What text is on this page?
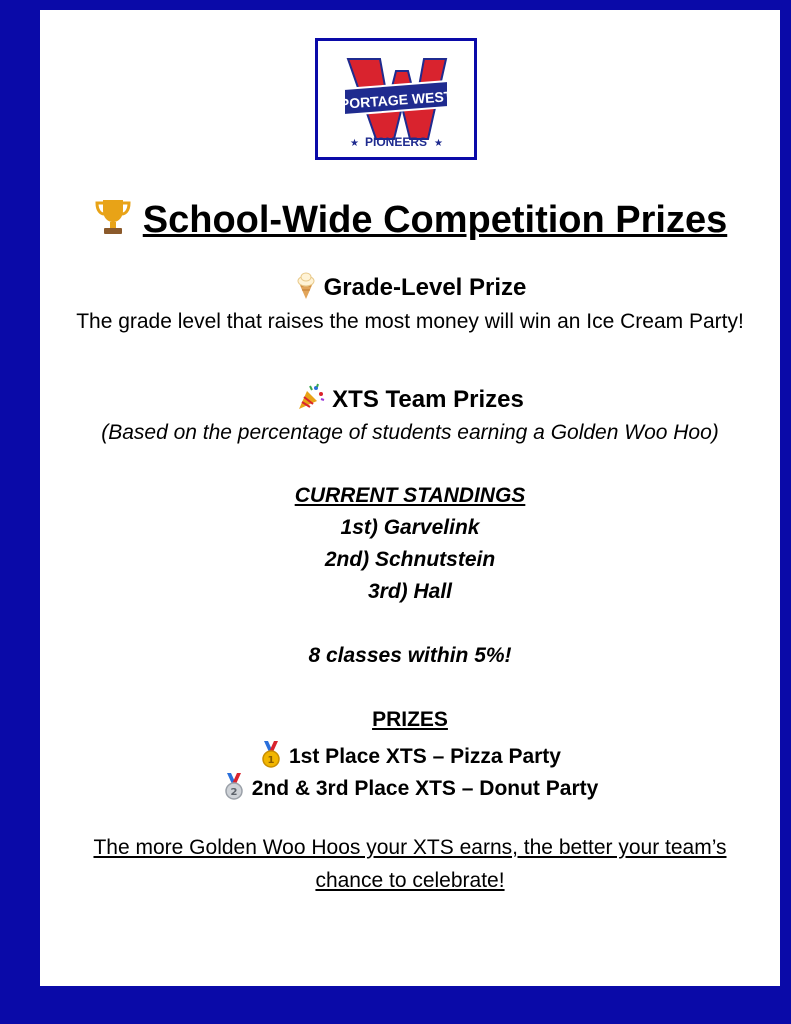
PORTAGE WEST
★ PIONEERS ★
School-Wide Competition Prizes
Grade-Level Prize
The grade level that raises the most money will win an Ice Cream Party!
XTS Team Prizes
(Based on the percentage of students earning a Golden Woo Hoo)
CURRENT STANDINGS
1st) Garvelink
2nd) Schnutstein
3rd) Hall
8 classes within 5%!
PRIZES
1 1st Place XTS – Pizza Party
2 2nd & 3rd Place XTS – Donut Party
The more Golden Woo Hoos your XTS earns, the better your team’s
chance to celebrate!
